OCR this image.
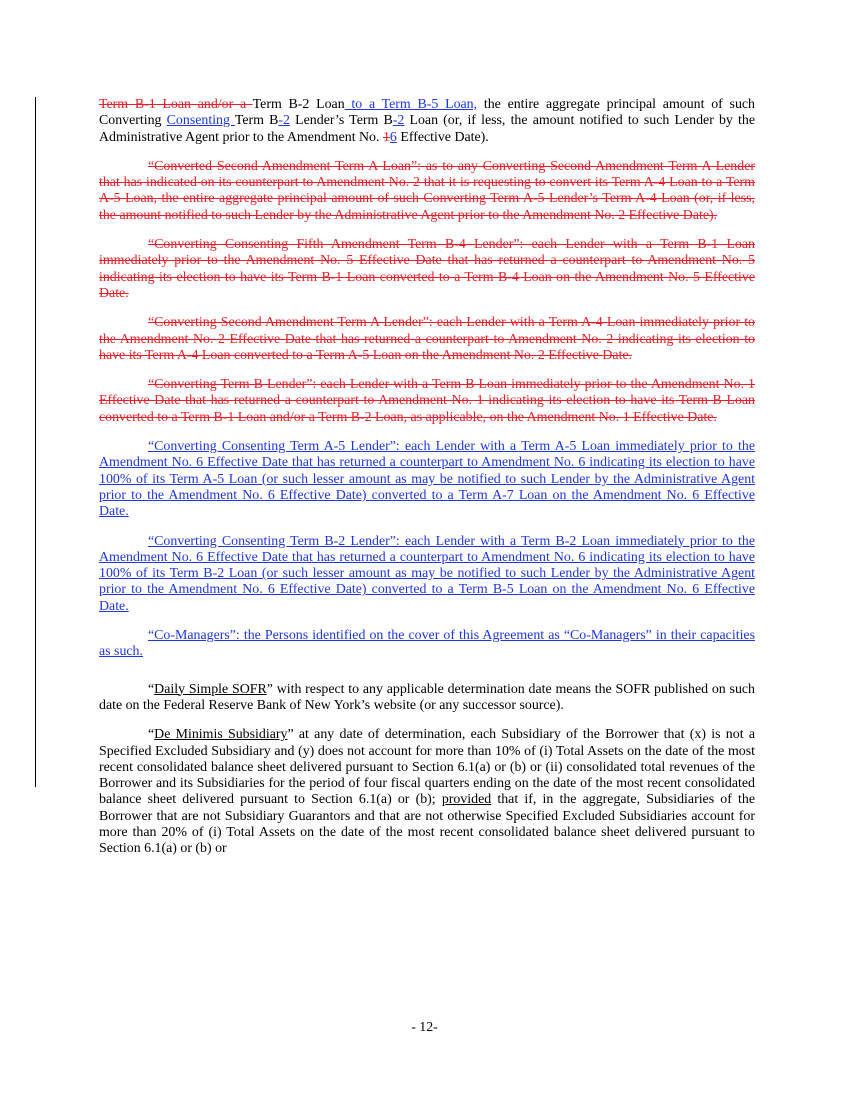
Term B-1 Loan and/or a Term B-2 Loan to a Term B-5 Loan, the entire aggregate principal amount of such Converting Consenting Term B-2 Lender’s Term B-2 Loan (or, if less, the amount notified to such Lender by the Administrative Agent prior to the Amendment No. 16 Effective Date).

“Converted Second Amendment Term A Loan”: as to any Converting Second Amendment Term A Lender that has indicated on its counterpart to Amendment No. 2 that it is requesting to convert its Term A-4 Loan to a Term A-5 Loan, the entire aggregate principal amount of such Converting Term A-5 Lender’s Term A-4 Loan (or, if less, the amount notified to such Lender by the Administrative Agent prior to the Amendment No. 2 Effective Date).

“Converting Consenting Fifth Amendment Term B-4 Lender”: each Lender with a Term B-1 Loan immediately prior to the Amendment No. 5 Effective Date that has returned a counterpart to Amendment No. 5 indicating its election to have its Term B-1 Loan converted to a Term B-4 Loan on the Amendment No. 5 Effective Date.

“Converting Second Amendment Term A Lender”: each Lender with a Term A-4 Loan immediately prior to the Amendment No. 2 Effective Date that has returned a counterpart to Amendment No. 2 indicating its election to have its Term A-4 Loan converted to a Term A-5 Loan on the Amendment No. 2 Effective Date.

“Converting Term B Lender”: each Lender with a Term B Loan immediately prior to the Amendment No. 1 Effective Date that has returned a counterpart to Amendment No. 1 indicating its election to have its Term B Loan converted to a Term B-1 Loan and/or a Term B-2 Loan, as applicable, on the Amendment No. 1 Effective Date.

“Converting Consenting Term A-5 Lender”: each Lender with a Term A-5 Loan immediately prior to the Amendment No. 6 Effective Date that has returned a counterpart to Amendment No. 6 indicating its election to have 100% of its Term A-5 Loan (or such lesser amount as may be notified to such Lender by the Administrative Agent prior to the Amendment No. 6 Effective Date) converted to a Term A-7 Loan on the Amendment No. 6 Effective Date.

“Converting Consenting Term B-2 Lender”: each Lender with a Term B-2 Loan immediately prior to the Amendment No. 6 Effective Date that has returned a counterpart to Amendment No. 6 indicating its election to have 100% of its Term B-2 Loan (or such lesser amount as may be notified to such Lender by the Administrative Agent prior to the Amendment No. 6 Effective Date) converted to a Term B-5 Loan on the Amendment No. 6 Effective Date.

“Co-Managers”: the Persons identified on the cover of this Agreement as “Co-Managers” in their capacities as such.

“Daily Simple SOFR” with respect to any applicable determination date means the SOFR published on such date on the Federal Reserve Bank of New York’s website (or any successor source).

“De Minimis Subsidiary” at any date of determination, each Subsidiary of the Borrower that (x) is not a Specified Excluded Subsidiary and (y) does not account for more than 10% of (i) Total Assets on the date of the most recent consolidated balance sheet delivered pursuant to Section 6.1(a) or (b) or (ii) consolidated total revenues of the Borrower and its Subsidiaries for the period of four fiscal quarters ending on the date of the most recent consolidated balance sheet delivered pursuant to Section 6.1(a) or (b); provided that if, in the aggregate, Subsidiaries of the Borrower that are not Subsidiary Guarantors and that are not otherwise Specified Excluded Subsidiaries account for more than 20% of (i) Total Assets on the date of the most recent consolidated balance sheet delivered pursuant to Section 6.1(a) or (b) or

- 12-
